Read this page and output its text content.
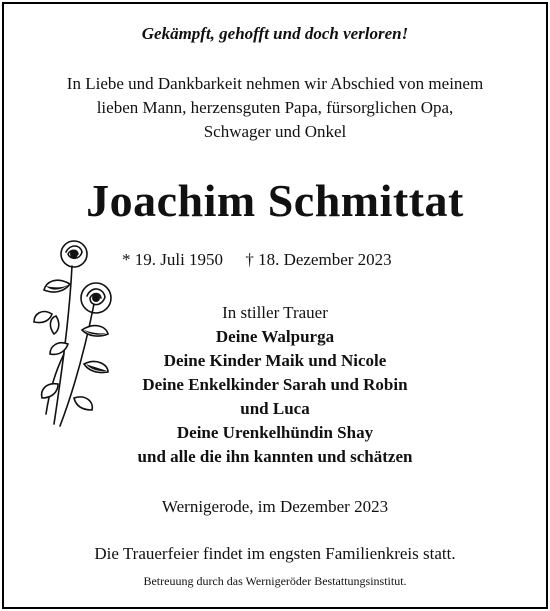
Gekämpft, gehofft und doch verloren!
In Liebe und Dankbarkeit nehmen wir Abschied von meinem
lieben Mann, herzensguten Papa, fürsorglichen Opa,
Schwager und Onkel
Joachim Schmittat
* 19. Juli 1950 † 18. Dezember 2023
In stiller Trauer
Deine Walpurga
Deine Kinder Maik und Nicole
Deine Enkelkinder Sarah und Robin
und Luca
Deine Urenkelhündin Shay
und alle die ihn kannten und schätzen
Wernigerode, im Dezember 2023
Die Trauerfeier findet im engsten Familienkreis statt.
Betreuung durch das Wernigeröder Bestattungsinstitut.
